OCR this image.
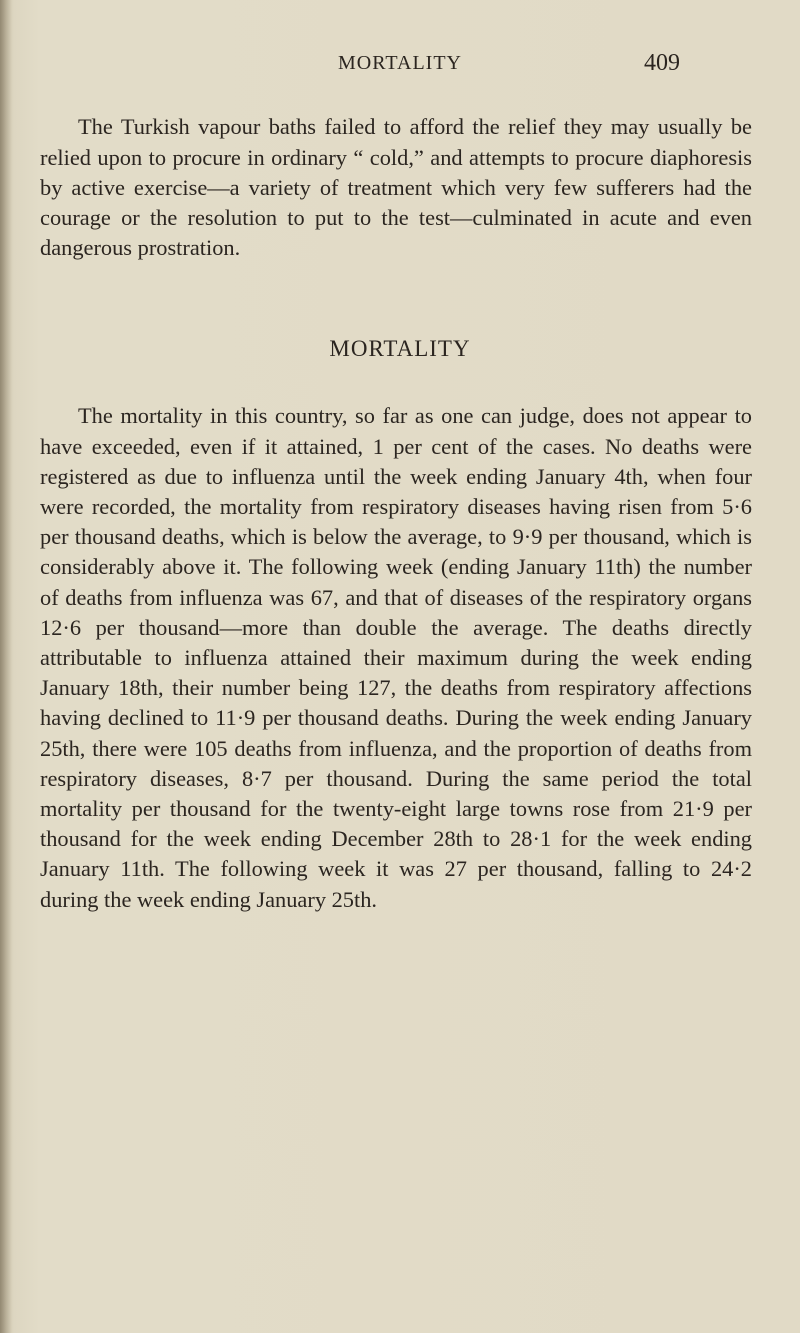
MORTALITY	409

The Turkish vapour baths failed to afford the relief they may usually be relied upon to procure in ordinary “ cold,” and attempts to procure diaphoresis by active exercise—a variety of treatment which very few sufferers had the courage or the resolution to put to the test—culminated in acute and even dangerous prostration.

MORTALITY

The mortality in this country, so far as one can judge, does not appear to have exceeded, even if it attained, 1 per cent of the cases. No deaths were registered as due to influenza until the week ending January 4th, when four were recorded, the mortality from respiratory diseases having risen from 5·6 per thousand deaths, which is below the average, to 9·9 per thousand, which is considerably above it. The following week (ending January 11th) the number of deaths from influenza was 67, and that of diseases of the respiratory organs 12·6 per thousand—more than double the average. The deaths directly attributable to influenza attained their maximum during the week ending January 18th, their number being 127, the deaths from respiratory affections having declined to 11·9 per thousand deaths. During the week ending January 25th, there were 105 deaths from influenza, and the proportion of deaths from respiratory diseases, 8·7 per thousand. During the same period the total mortality per thousand for the twenty-eight large towns rose from 21·9 per thousand for the week ending December 28th to 28·1 for the week ending January 11th. The following week it was 27 per thousand, falling to 24·2 during the week ending January 25th.
